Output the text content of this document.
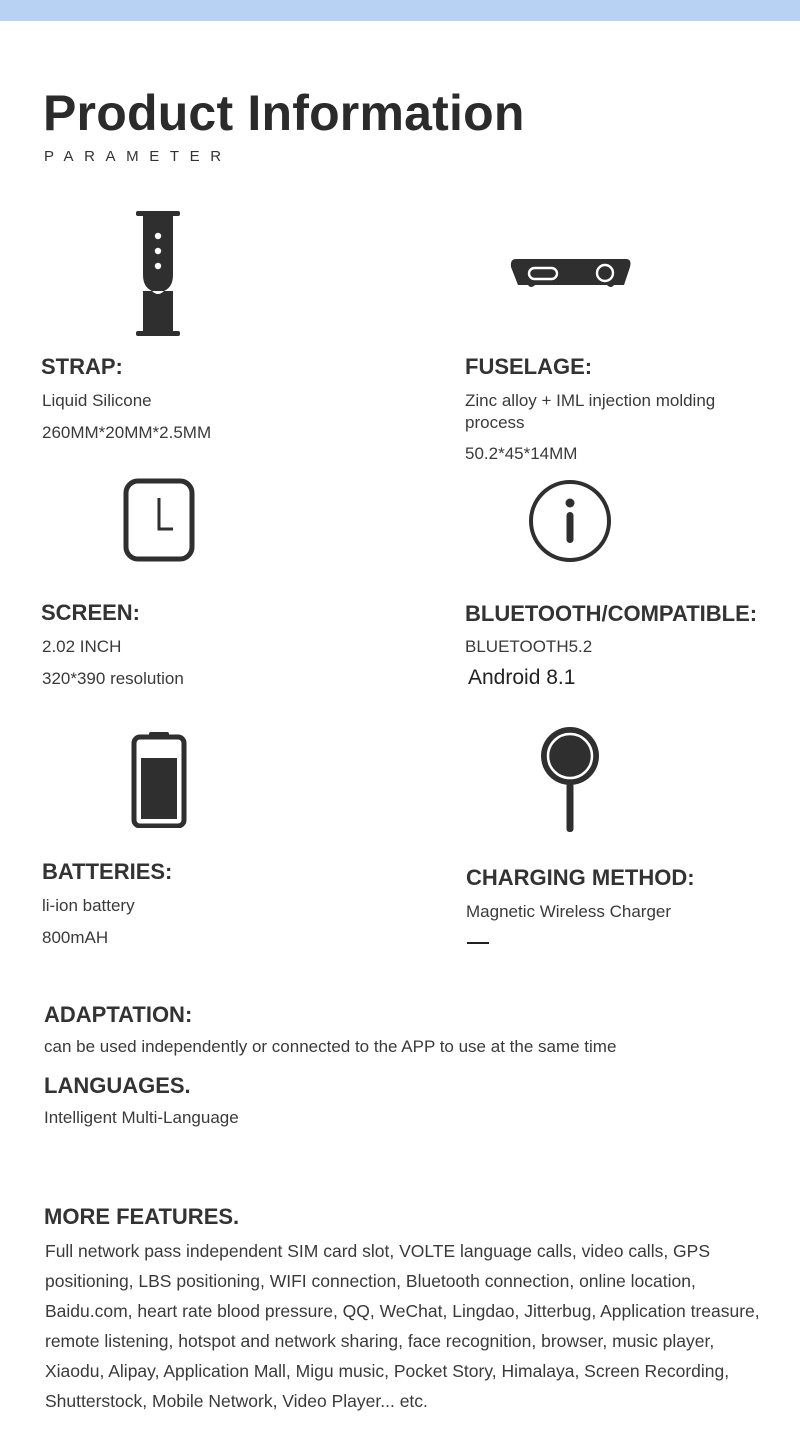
Product Information
PARAMETER
STRAP:
Liquid Silicone
260MM*20MM*2.5MM
FUSELAGE:
Zinc alloy + IML injection molding process
50.2*45*14MM
SCREEN:
2.02 INCH
320*390 resolution
BLUETOOTH/COMPATIBLE:
BLUETOOTH5.2
Android 8.1
BATTERIES:
li-ion battery
800mAH
CHARGING METHOD:
Magnetic Wireless Charger
ADAPTATION:
can be used independently or connected to the APP to use at the same time
LANGUAGES.
Intelligent Multi-Language
MORE FEATURES.

Full network pass independent SIM card slot, VOLTE language calls, video calls, GPS positioning, LBS positioning, WIFI connection, Bluetooth connection, online location, Baidu.com, heart rate blood pressure, QQ, WeChat, Lingdao, Jitterbug, Application treasure, remote listening, hotspot and network sharing, face recognition, browser, music player, Xiaodu, Alipay, Application Mall, Migu music, Pocket Story, Himalaya, Screen Recording, Shutterstock, Mobile Network, Video Player... etc.
